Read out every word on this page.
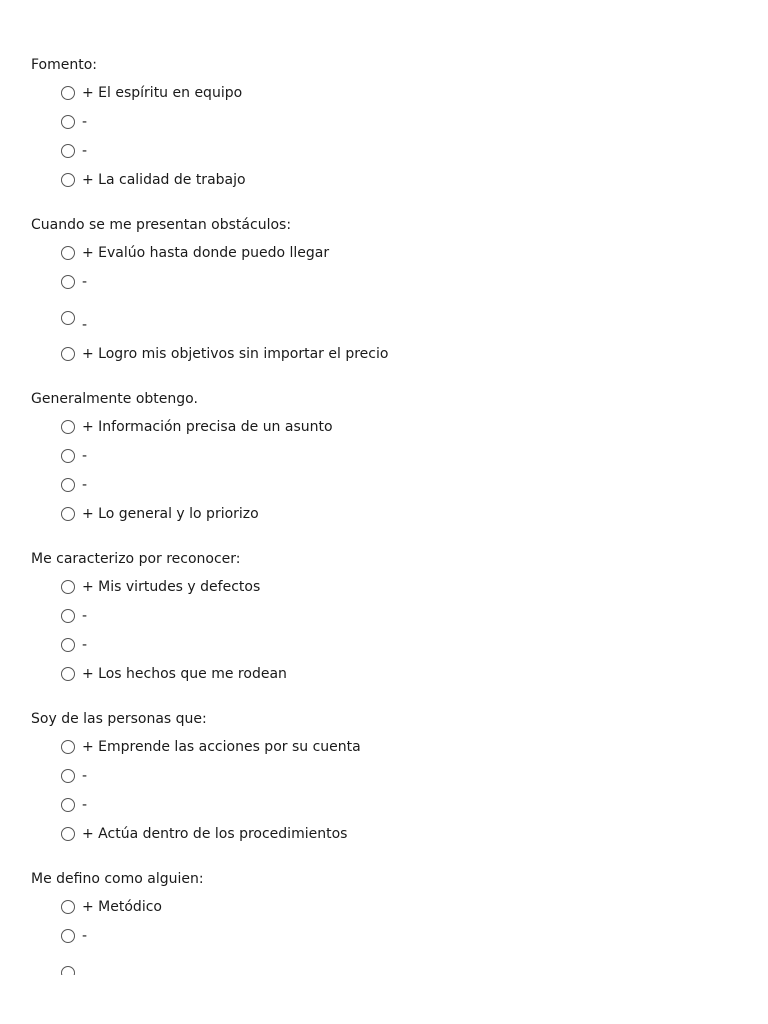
Fomento:
+ El espíritu en equipo
-
-
+ La calidad de trabajo
Cuando se me presentan obstáculos:
+ Evalúo hasta donde puedo llegar
-
-
+ Logro mis objetivos sin importar el precio
Generalmente obtengo.
+ Información precisa de un asunto
-
-
+ Lo general y lo priorizo
Me caracterizo por reconocer:
+ Mis virtudes y defectos
-
-
+ Los hechos que me rodean
Soy de las personas que:
+ Emprende las acciones por su cuenta
-
-
+ Actúa dentro de los procedimientos
Me defino como alguien:
+ Metódico
-
